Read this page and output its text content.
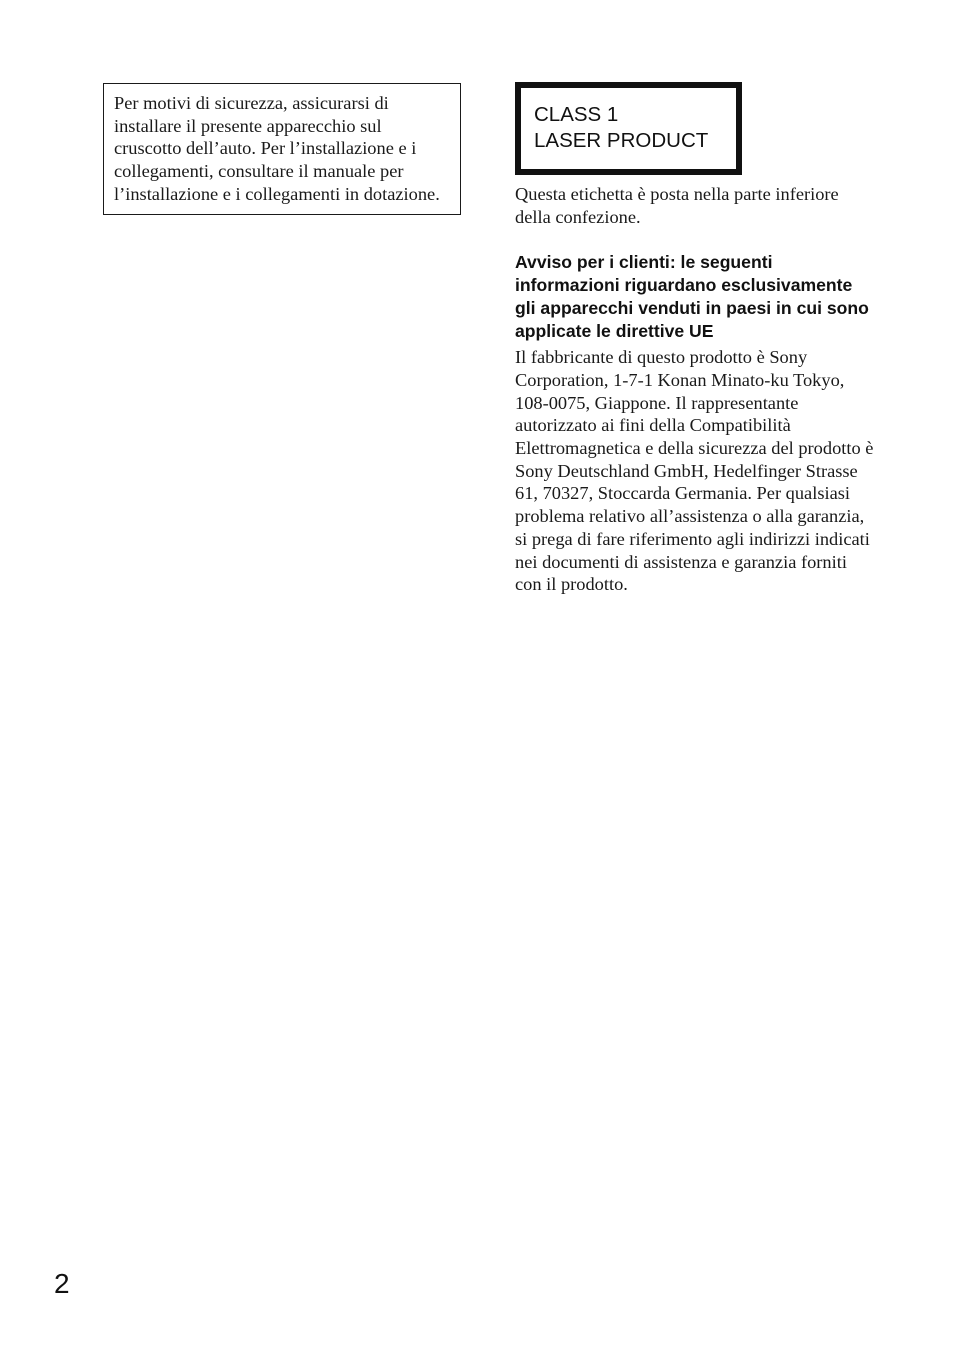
Per motivi di sicurezza, assicurarsi di installare il presente apparecchio sul cruscotto dell’auto. Per l’installazione e i collegamenti, consultare il manuale per l’installazione e i collegamenti in dotazione.
CLASS 1
LASER PRODUCT
Questa etichetta è posta nella parte inferiore della confezione.
Avviso per i clienti: le seguenti informazioni riguardano esclusivamente gli apparecchi venduti in paesi in cui sono applicate le direttive UE
Il fabbricante di questo prodotto è Sony Corporation, 1-7-1 Konan Minato-ku Tokyo, 108-0075, Giappone. Il rappresentante autorizzato ai fini della Compatibilità Elettromagnetica e della sicurezza del prodotto è Sony Deutschland GmbH, Hedelfinger Strasse 61, 70327, Stoccarda Germania. Per qualsiasi problema relativo all’assistenza o alla garanzia, si prega di fare riferimento agli indirizzi indicati nei documenti di assistenza e garanzia forniti con il prodotto.
2
